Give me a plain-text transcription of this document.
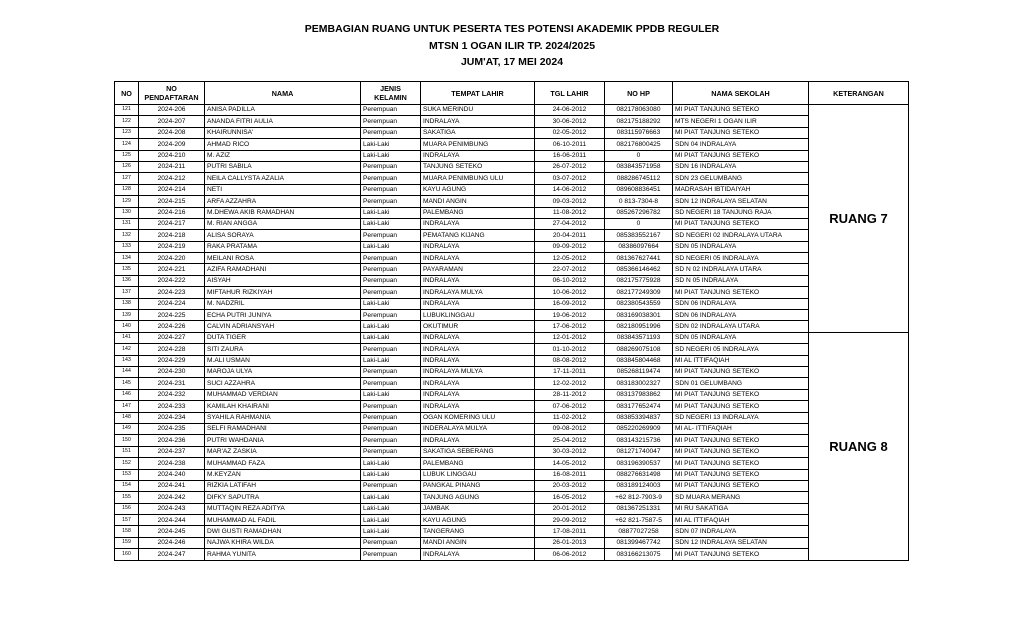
PEMBAGIAN RUANG UNTUK PESERTA TES POTENSI AKADEMIK PPDB REGULER
MTSN 1 OGAN ILIR TP. 2024/2025
JUM'AT, 17 MEI 2024
NO	NO PENDAFTARAN	NAMA	JENIS KELAMIN	TEMPAT LAHIR	TGL LAHIR	NO HP	NAMA SEKOLAH	KETERANGAN
121	2024-206	ANISA PADILLA	Perempuan	SUKA MERINDU	24-06-2012	082178063080	MI PIAT TANJUNG SETEKO	RUANG 7
122	2024-207	ANANDA FITRI AULIA	Perempuan	INDRALAYA	30-06-2012	082175188292	MTS NEGERI 1 OGAN ILIR	
123	2024-208	KHAIRUNNISA'	Perempuan	SAKATIGA	02-05-2012	083115976663	MI PIAT TANJUNG SETEKO	
124	2024-209	AHMAD RICO	Laki-Laki	MUARA PENIMBUNG	06-10-2011	082176800425	SDN 04 INDRALAYA	
125	2024-210	M. AZIZ	Laki-Laki	INDRALAYA	16-06-2011	0	MI PIAT TANJUNG SETEKO	
126	2024-211	PUTRI SABILA	Perempuan	TANJUNG SETEKO	26-07-2012	083843571958	SDN 16 INDRALAYA	
127	2024-212	NEILA CALLYSTA AZALIA	Perempuan	MUARA PENIMBUNG ULU	03-07-2012	088286745112	SDN 23 GELUMBANG	
128	2024-214	NETI	Perempuan	KAYU AGUNG	14-06-2012	089608836451	MADRASAH IBTIDAIYAH	
129	2024-215	ARFA AZZAHRA	Perempuan	MANDI ANGIN	09-03-2012	0 813-7304-8	SDN 12 INDRALAYA SELATAN	
130	2024-216	M.DHEWA AKIB RAMADHAN	Laki-Laki	PALEMBANG	11-08-2012	085267296782	SD NEGERI 18 TANJUNG RAJA	
131	2024-217	M. RIAN ANGGA	Laki-Laki	INDRALAYA	27-04-2012	0	MI PIAT TANJUNG SETEKO	
132	2024-218	ALISA SORAYA	Perempuan	PEMATANG KIJANG	20-04-2011	085383552167	SD NEGERI 02 INDRALAYA UTARA	
133	2024-219	RAKA PRATAMA	Laki-Laki	INDRALAYA	09-09-2012	08386097664	SDN 05 INDRALAYA	
134	2024-220	MEILANI ROSA	Perempuan	INDRALAYA	12-05-2012	081367627441	SD NEGERI 05 INDRALAYA	
135	2024-221	AZIFA RAMADHANI	Perempuan	PAYARAMAN	22-07-2012	085366146462	SD N 02 INDRALAYA UTARA	
136	2024-222	AISYAH	Perempuan	INDRALAYA	06-10-2012	082175775928	SD N 05 INDRALAYA	
137	2024-223	MIFTAHUR RIZKIYAH	Perempuan	INDRALAYA MULYA	10-06-2012	082177249309	MI PIAT TANJUNG SETEKO	
138	2024-224	M. NADZRIL	Laki-Laki	INDRALAYA	16-09-2012	082380543559	SDN 06 INDRALAYA	
139	2024-225	ECHA PUTRI JUNIYA	Perempuan	LUBUKLINGGAU	19-06-2012	083169038301	SDN 06 INDRALAYA	
140	2024-226	CALVIN ADRIANSYAH	Laki-Laki	OKUTIMUR	17-06-2012	082180951996	SDN 02 INDRALAYA UTARA	
141	2024-227	DUTA TIGER	Laki-Laki	INDRALAYA	12-01-2012	083843571193	SDN 05 INDRALAYA	RUANG 8
142	2024-228	SITI ZAURA	Perempuan	INDRALAYA	01-10-2012	088269075108	SD NEGERI 05 INDRALAYA	
143	2024-229	M.ALI USMAN	Laki-Laki	INDRALAYA	08-08-2012	083845804468	MI AL ITTIFAQIAH	
144	2024-230	MAROJA ULYA	Perempuan	INDRALAYA MULYA	17-11-2011	085268119474	MI PIAT TANJUNG SETEKO	
145	2024-231	SUCI AZZAHRA	Perempuan	INDRALAYA	12-02-2012	083183002327	SDN 01 GELUMBANG	
146	2024-232	MUHAMMAD VERDIAN	Laki-Laki	INDRALAYA	28-11-2012	083137983862	MI PIAT TANJUNG SETEKO	
147	2024-233	KAMILAH KHAIRANI	Perempuan	INDRALAYA	07-06-2012	083177652474	MI PIAT TANJUNG SETEKO	
148	2024-234	SYAHILA RAHMANIA	Perempuan	OGAN KOMERING ULU	11-02-2012	083853394837	SD NEGERI 13 INDRALAYA	
149	2024-235	SELFI RAMADHANI	Perempuan	INDERALAYA MULYA	09-08-2012	085220269909	MI AL- ITTIFAQIAH	
150	2024-236	PUTRI WAHDANIA	Perempuan	INDRALAYA	25-04-2012	083143215736	MI PIAT TANJUNG SETEKO	
151	2024-237	MAR'AZ ZASKIA	Perempuan	SAKATIGA SEBERANG	30-03-2012	081271740047	MI PIAT TANJUNG SETEKO	
152	2024-238	MUHAMMAD FAZA	Laki-Laki	PALEMBANG	14-05-2012	083196390537	MI PIAT TANJUNG SETEKO	
153	2024-240	M.KEYZAN	Laki-Laki	LUBUK LINGGAU	16-08-2011	088276631498	MI PIAT TANJUNG SETEKO	
154	2024-241	RIZKIA LATIFAH	Perempuan	PANGKAL PINANG	20-03-2012	083189124003	MI PIAT TANJUNG SETEKO	
155	2024-242	DIFKY SAPUTRA	Laki-Laki	TANJUNG AGUNG	16-05-2012	+62 812-7903-9	SD MUARA MERANG	
156	2024-243	MUTTAQIN REZA ADITYA	Laki-Laki	JAMBAK	20-01-2012	081367251331	MI RU SAKATIGA	
157	2024-244	MUHAMMAD AL FADIL	Laki-Laki	KAYU AGUNG	29-09-2012	+62 821-7587-5	MI AL ITTIFAQIAH	
158	2024-245	DWI GUSTI RAMADHAN	Laki-Laki	TANGERANG	17-08-2011	08877027258	SDN 07 INDRALAYA	
159	2024-246	NAJWA KHIRA WILDA	Perempuan	MANDI ANGIN	26-01-2013	081399467742	SDN 12 INDRALAYA SELATAN	
160	2024-247	RAHMA YUNITA	Perempuan	INDRALAYA	06-06-2012	083166213075	MI PIAT TANJUNG SETEKO	
